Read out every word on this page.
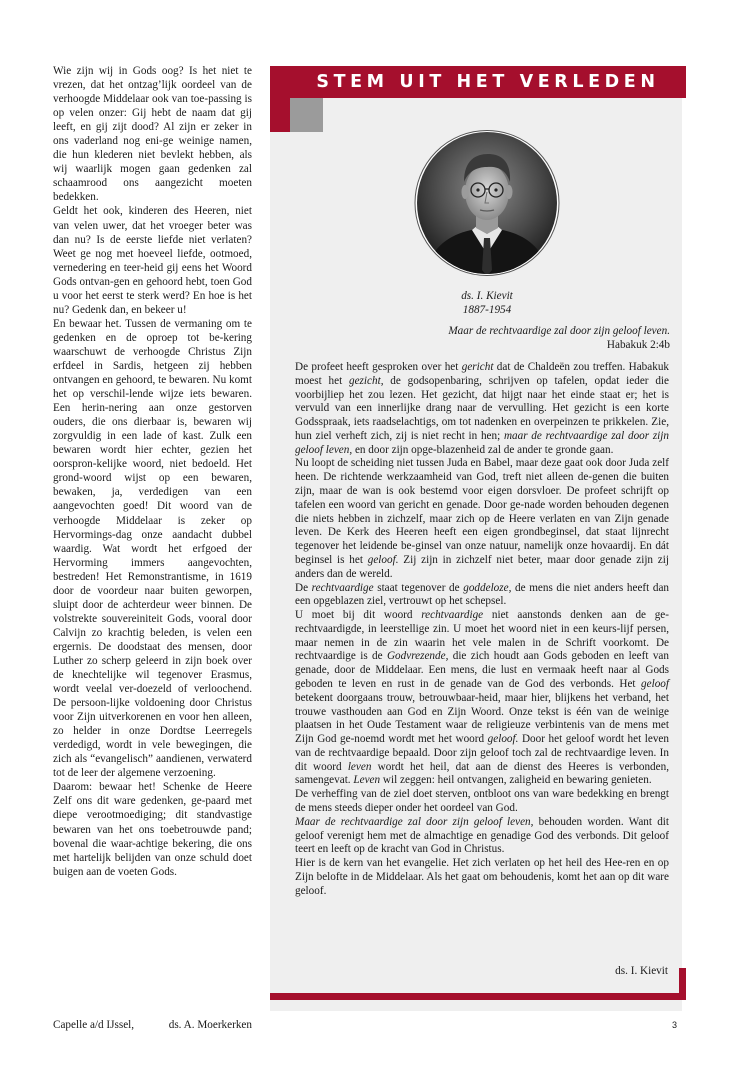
Wie zijn wij in Gods oog? Is het niet te vrezen, dat het ontzag’lijk oordeel van de verhoogde Middelaar ook van toe-passing is op velen onzer: Gij hebt de naam dat gij leeft, en gij zijt dood? Al zijn er zeker in ons vaderland nog eni-ge weinige namen, die hun klederen niet bevlekt hebben, als wij waarlijk mogen gaan gedenken zal schaamrood ons aangezicht moeten bedekken.

Geldt het ook, kinderen des Heeren, niet van velen uwer, dat het vroeger beter was dan nu? Is de eerste liefde niet verlaten? Weet ge nog met hoeveel liefde, ootmoed, vernedering en teer-heid gij eens het Woord Gods ontvan-gen en gehoord hebt, toen God u voor het eerst te sterk werd? En hoe is het nu? Gedenk dan, en bekeer u!

En bewaar het. Tussen de vermaning om te gedenken en de oproep tot be-kering waarschuwt de verhoogde Christus Zijn erfdeel in Sardis, hetgeen zij hebben ontvangen en gehoord, te bewaren. Nu komt het op verschil-lende wijze iets bewaren. Een herin-nering aan onze gestorven ouders, die ons dierbaar is, bewaren wij zorgvuldig in een lade of kast. Zulk een bewaren wordt hier echter, gezien het oorspron-kelijke woord, niet bedoeld. Het grond-woord wijst op een bewaren, bewaken, ja, verdedigen van een aangevochten goed! Dit woord van de verhoogde Middelaar is zeker op Hervormings-dag onze aandacht dubbel waardig. Wat wordt het erfgoed der Hervorming immers aangevochten, bestreden! Het Remonstrantisme, in 1619 door de voordeur naar buiten geworpen, sluipt door de achterdeur weer binnen. De volstrekte souvereiniteit Gods, vooral door Calvijn zo krachtig beleden, is velen een ergernis. De doodstaat des mensen, door Luther zo scherp geleerd in zijn boek over de knechtelijke wil tegenover Erasmus, wordt veelal ver-doezeld of verloochend. De persoon-lijke voldoening door Christus voor Zijn uitverkorenen en voor hen alleen, zo helder in onze Dordtse Leerregels verdedigd, wordt in vele bewegingen, die zich als “evangelisch” aandienen, verwaterd tot de leer der algemene verzoening.

Daarom: bewaar het! Schenke de Heere Zelf ons dit ware gedenken, ge-paard met diepe verootmoediging; dit standvastige bewaren van het ons toebetrouwde pand; bovenal die waar-achtige bekering, die ons met hartelijk belijden van onze schuld doet buigen aan de voeten Gods.

Capelle a/d IJssel,	ds. A. Moerkerken
STEM UIT HET VERLEDEN
ds. I. Kievit
1887-1954
Maar de rechtvaardige zal door zijn geloof leven.
Habakuk 2:4b

De profeet heeft gesproken over het gericht dat de Chaldeën zou treffen. Habakuk moest het gezicht, de godsopenbaring, schrijven op tafelen, opdat ieder die voorbijliep het zou lezen. Het gezicht, dat hijgt naar het einde staat er; het is vervuld van een innerlijke drang naar de vervulling. Het gezicht is een korte Godsspraak, iets raadselachtigs, om tot nadenken en overpeinzen te prikkelen. Zie, hun ziel verheft zich, zij is niet recht in hen; maar de rechtvaardige zal door zijn geloof leven, en door zijn opge-blazenheid zal de ander te gronde gaan.

Nu loopt de scheiding niet tussen Juda en Babel, maar deze gaat ook door Juda zelf heen. De richtende werkzaamheid van God, treft niet alleen de-genen die buiten zijn, maar de wan is ook bestemd voor eigen dorsvloer. De profeet schrijft op tafelen een woord van gericht en genade. Door ge-nade worden behouden degenen die niets hebben in zichzelf, maar zich op de Heere verlaten en van Zijn genade leven. De Kerk des Heeren heeft een eigen grondbeginsel, dat staat lijnrecht tegenover het leidende be-ginsel van onze natuur, namelijk onze hovaardij. En dát beginsel is het geloof. Zij zijn in zichzelf niet beter, maar door genade zijn zij anders dan de wereld.

De rechtvaardige staat tegenover de goddeloze, de mens die niet anders heeft dan een opgeblazen ziel, vertrouwt op het schepsel.

U moet bij dit woord rechtvaardige niet aanstonds denken aan de ge-rechtvaardigde, in leerstellige zin. U moet het woord niet in een keurs-lijf persen, maar nemen in de zin waarin het vele malen in de Schrift voorkomt. De rechtvaardige is de Godvrezende, die zich houdt aan Gods geboden en leeft van genade, door de Middelaar. Een mens, die lust en vermaak heeft naar al Gods geboden te leven en rust in de genade van de God des verbonds. Het geloof betekent doorgaans trouw, betrouwbaar-heid, maar hier, blijkens het verband, het trouwe vasthouden aan God en Zijn Woord. Onze tekst is één van de weinige plaatsen in het Oude Testament waar de religieuze verbintenis van de mens met Zijn God ge-noemd wordt met het woord geloof. Door het geloof wordt het leven van de rechtvaardige bepaald. Door zijn geloof toch zal de rechtvaardige leven. In dit woord leven wordt het heil, dat aan de dienst des Heeres is verbonden, samengevat. Leven wil zeggen: heil ontvangen, zaligheid en bewaring genieten.

De verheffing van de ziel doet sterven, ontbloot ons van ware bedekking en brengt de mens steeds dieper onder het oordeel van God.

Maar de rechtvaardige zal door zijn geloof leven, behouden worden. Want dit geloof verenigt hem met de almachtige en genadige God des verbonds. Dit geloof teert en leeft op de kracht van God in Christus.

Hier is de kern van het evangelie. Het zich verlaten op het heil des Hee-ren en op Zijn belofte in de Middelaar. Als het gaat om behoudenis, komt het aan op dit ware geloof.

ds. I. Kievit
3
